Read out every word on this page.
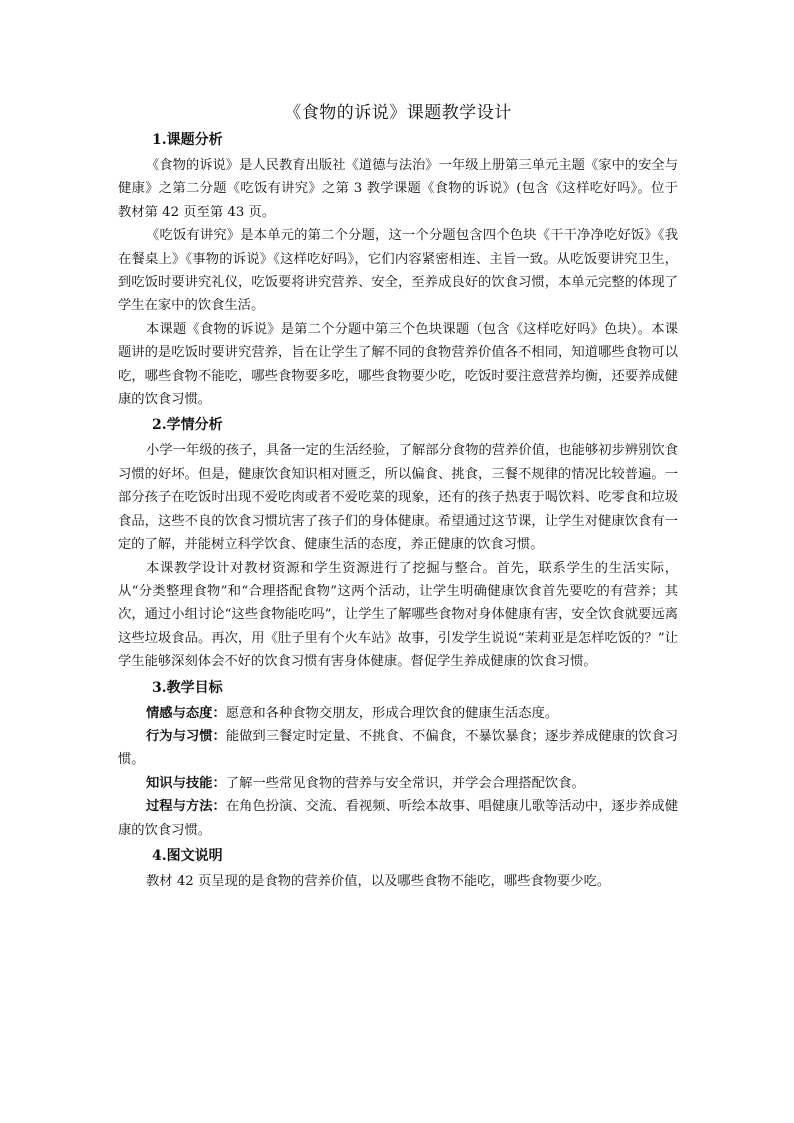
《食物的诉说》课题教学设计
1.课题分析

《食物的诉说》是人民教育出版社《道德与法治》一年级上册第三单元主题《家中的安全与健康》之第二分题《吃饭有讲究》之第 3 教学课题《食物的诉说》(包含《这样吃好吗》。位于教材第 42 页至第 43 页。

《吃饭有讲究》是本单元的第二个分题，这一个分题包含四个色块《干干净净吃好饭》《我在餐桌上》《事物的诉说》《这样吃好吗》，它们内容紧密相连、主旨一致。从吃饭要讲究卫生，到吃饭时要讲究礼仪，吃饭要将讲究营养、安全，至养成良好的饮食习惯，本单元完整的体现了学生在家中的饮食生活。

本课题《食物的诉说》是第二个分题中第三个色块课题（包含《这样吃好吗》色块）。本课题讲的是吃饭时要讲究营养，旨在让学生了解不同的食物营养价值各不相同，知道哪些食物可以吃，哪些食物不能吃，哪些食物要多吃，哪些食物要少吃，吃饭时要注意营养均衡，还要养成健康的饮食习惯。

2.学情分析

小学一年级的孩子，具备一定的生活经验，了解部分食物的营养价值，也能够初步辨别饮食习惯的好坏。但是，健康饮食知识相对匮乏，所以偏食、挑食，三餐不规律的情况比较普遍。一部分孩子在吃饭时出现不爱吃肉或者不爱吃菜的现象，还有的孩子热衷于喝饮料、吃零食和垃圾食品，这些不良的饮食习惯坑害了孩子们的身体健康。希望通过这节课，让学生对健康饮食有一定的了解，并能树立科学饮食、健康生活的态度，养正健康的饮食习惯。

本课教学设计对教材资源和学生资源进行了挖掘与整合。首先，联系学生的生活实际，从“分类整理食物”和“合理搭配食物”这两个活动，让学生明确健康饮食首先要吃的有营养；其次，通过小组讨论“这些食物能吃吗”，让学生了解哪些食物对身体健康有害，安全饮食就要远离这些垃圾食品。再次，用《肚子里有个火车站》故事，引发学生说说“茉莉亚是怎样吃饭的？”让学生能够深刻体会不好的饮食习惯有害身体健康。督促学生养成健康的饮食习惯。

3.教学目标

情感与态度：愿意和各种食物交朋友，形成合理饮食的健康生活态度。

行为与习惯：能做到三餐定时定量、不挑食、不偏食，不暴饮暴食；逐步养成健康的饮食习惯。

知识与技能：了解一些常见食物的营养与安全常识，并学会合理搭配饮食。

过程与方法：在角色扮演、交流、看视频、听绘本故事、唱健康儿歌等活动中，逐步养成健康的饮食习惯。

4.图文说明

教材 42 页呈现的是食物的营养价值，以及哪些食物不能吃，哪些食物要少吃。
